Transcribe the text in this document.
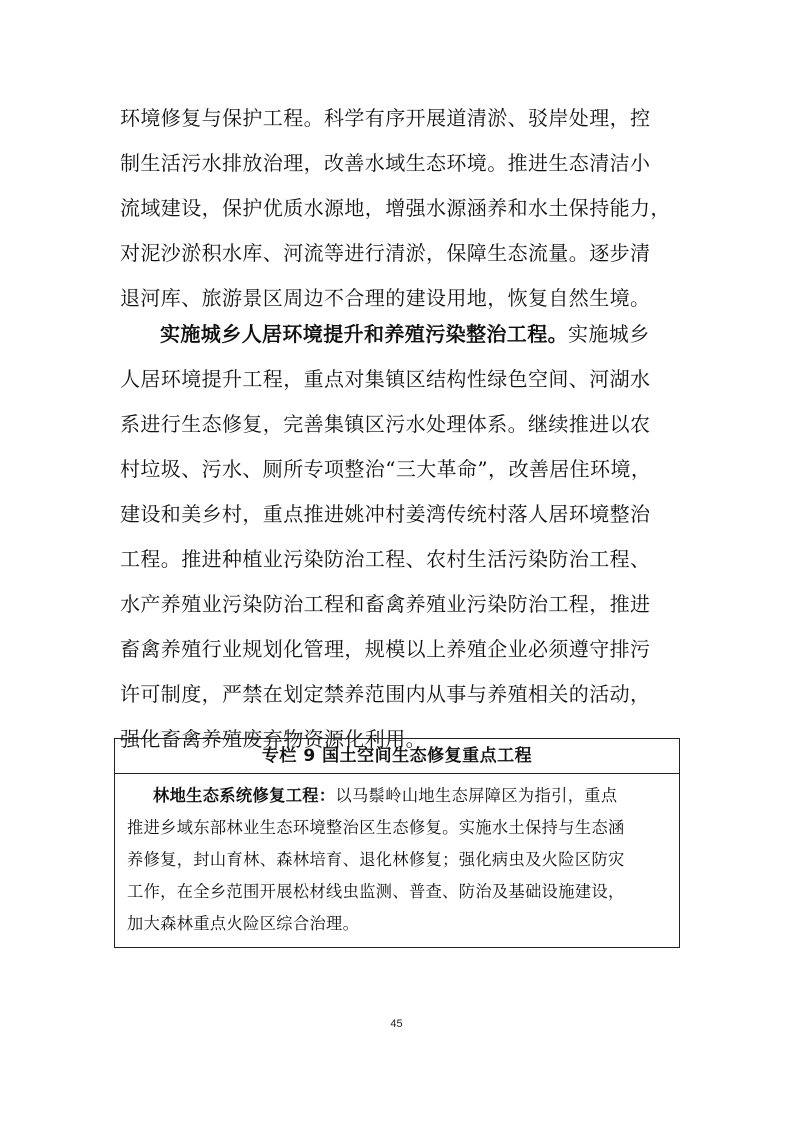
环境修复与保护工程。科学有序开展道清淤、驳岸处理，控
制生活污水排放治理，改善水域生态环境。推进生态清洁小
流域建设，保护优质水源地，增强水源涵养和水土保持能力，
对泥沙淤积水库、河流等进行清淤，保障生态流量。逐步清
退河库、旅游景区周边不合理的建设用地，恢复自然生境。
实施城乡人居环境提升和养殖污染整治工程。实施城乡
人居环境提升工程，重点对集镇区结构性绿色空间、河湖水
系进行生态修复，完善集镇区污水处理体系。继续推进以农
村垃圾、污水、厕所专项整治“三大革命”，改善居住环境，
建设和美乡村，重点推进姚冲村姜湾传统村落人居环境整治
工程。推进种植业污染防治工程、农村生活污染防治工程、
水产养殖业污染防治工程和畜禽养殖业污染防治工程，推进
畜禽养殖行业规划化管理，规模以上养殖企业必须遵守排污
许可制度，严禁在划定禁养范围内从事与养殖相关的活动，
强化畜禽养殖废弃物资源化利用。
专栏 9 国土空间生态修复重点工程
林地生态系统修复工程：以马鬃岭山地生态屏障区为指引，重点
推进乡域东部林业生态环境整治区生态修复。实施水土保持与生态涵
养修复，封山育林、森林培育、退化林修复；强化病虫及火险区防灾
工作，在全乡范围开展松材线虫监测、普查、防治及基础设施建设，
加大森林重点火险区综合治理。
45
